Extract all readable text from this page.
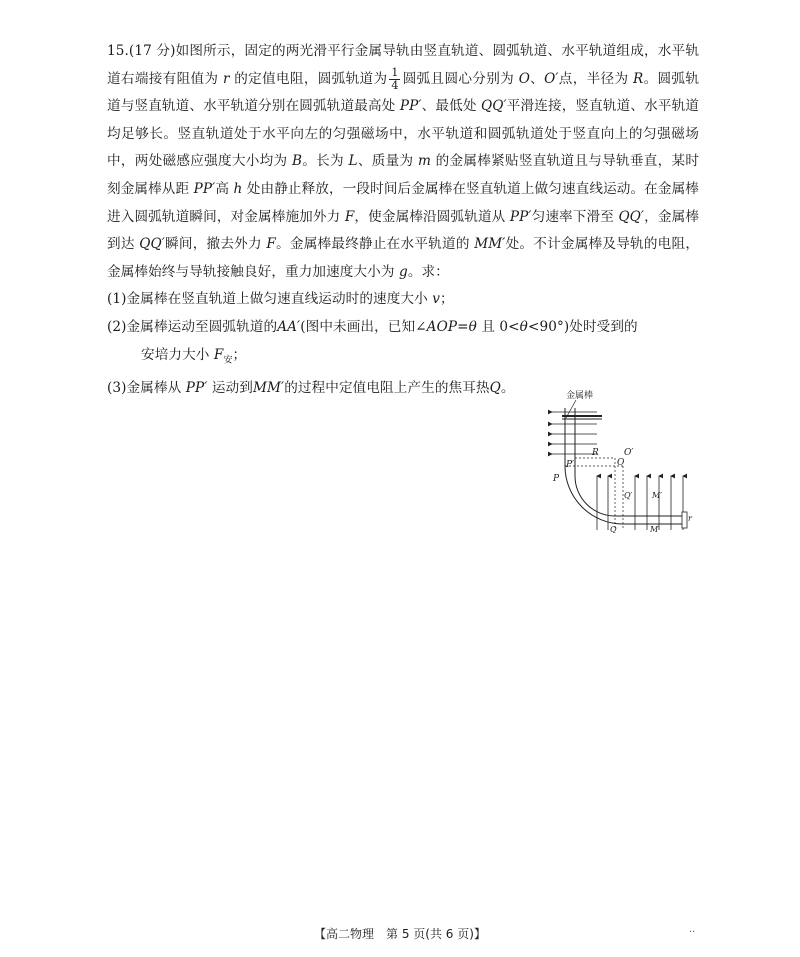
15.(17 分)如图所示，固定的两光滑平行金属导轨由竖直轨道、圆弧轨道、水平轨道组成，水平轨道右端接有阻值为 r 的定值电阻，圆弧轨道为 $\frac{1}{4}$ 圆弧且圆心分别为 O、O′点，半径为 R。圆弧轨道与竖直轨道、水平轨道分别在圆弧轨道最高处 PP′、最低处 QQ′平滑连接，竖直轨道、水平轨道均足够长。竖直轨道处于水平向左的匀强磁场中，水平轨道和圆弧轨道处于竖直向上的匀强磁场中，两处磁感应强度大小均为 B。长为 L、质量为 m 的金属棒紧贴竖直轨道且与导轨垂直，某时刻金属棒从距 PP′高 h 处由静止释放，一段时间后金属棒在竖直轨道上做匀速直线运动。在金属棒进入圆弧轨道瞬间，对金属棒施加外力 F，使金属棒沿圆弧轨道从 PP′匀速率下滑至 QQ′，金属棒到达 QQ′瞬间，撤去外力 F。金属棒最终静止在水平轨道的 MM′处。不计金属棒及导轨的电阻，金属棒始终与导轨接触良好，重力加速度大小为 g。求：

(1)金属棒在竖直轨道上做匀速直线运动时的速度大小 v；

(2)金属棒运动至圆弧轨道的AA′(图中未画出，已知∠AOP=θ 且 0<θ<90°)处时受到的

安培力大小 $F_安$；

(3)金属棒从 PP′ 运动到MM′的过程中定值电阻上产生的焦耳热Q。

金属棒
R	O′
O
P′
P
Q′ M′
Q	M
r
【高二物理　第 5 页(共 6 页)】	··
